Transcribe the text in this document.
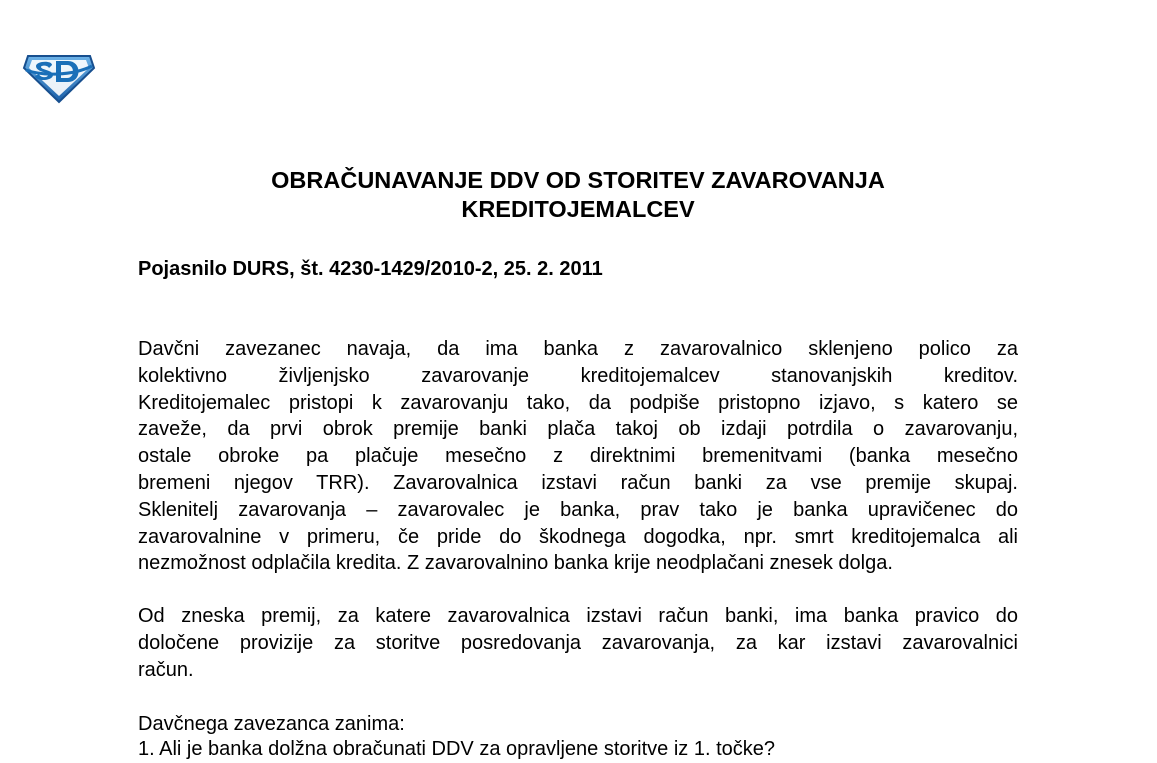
OBRAČUNAVANJE DDV OD STORITEV ZAVAROVANJA
KREDITOJEMALCEV

Pojasnilo DURS, št. 4230-1429/2010-2, 25. 2. 2011

Davčni zavezanec navaja, da ima banka z zavarovalnico sklenjeno polico za
kolektivno življenjsko zavarovanje kreditojemalcev stanovanjskih kreditov.
Kreditojemalec pristopi k zavarovanju tako, da podpiše pristopno izjavo, s katero se
zaveže, da prvi obrok premije banki plača takoj ob izdaji potrdila o zavarovanju,
ostale obroke pa plačuje mesečno z direktnimi bremenitvami (banka mesečno
bremeni njegov TRR). Zavarovalnica izstavi račun banki za vse premije skupaj.
Sklenitelj zavarovanja – zavarovalec je banka, prav tako je banka upravičenec do
zavarovalnine v primeru, če pride do škodnega dogodka, npr. smrt kreditojemalca ali
nezmožnost odplačila kredita. Z zavarovalnino banka krije neodplačani znesek dolga.

Od zneska premij, za katere zavarovalnica izstavi račun banki, ima banka pravico do
določene provizije za storitve posredovanja zavarovanja, za kar izstavi zavarovalnici
račun.

Davčnega zavezanca zanima:

1. Ali je banka dolžna obračunati DDV za opravljene storitve iz 1. točke?
